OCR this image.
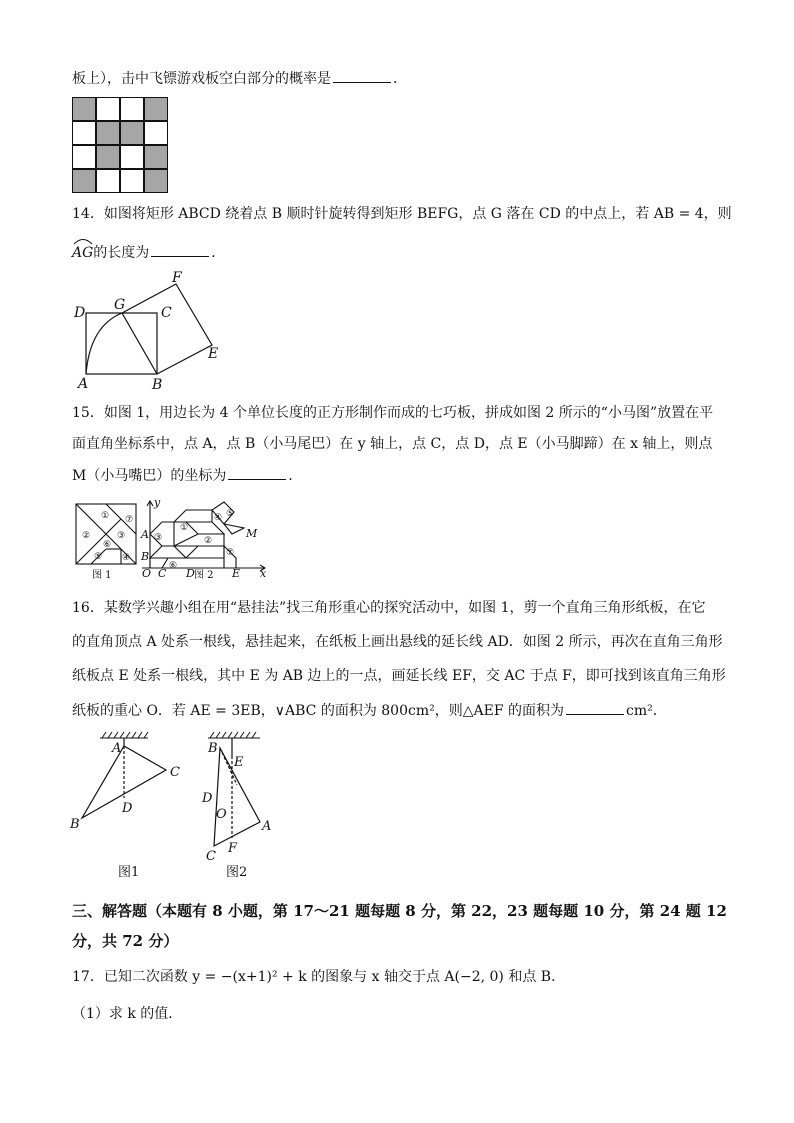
板上），击中飞镖游戏板空白部分的概率是	．
14．如图将矩形 ABCD 绕着点 B 顺时针旋转得到矩形 BEFG，点 G 落在 CD 的中点上，若 AB = 4，则
AG的长度为	．
D G	C
F
E
A	B
15．如图 1，用边长为 4 个单位长度的正方形制作而成的七巧板，拼成如图 2 所示的“小马图”放置在平
面直角坐标系中，点 A，点 B（小马尾巴）在 y 轴上，点 C，点 D，点 E（小马脚蹄）在 x 轴上，则点
M（小马嘴巴）的坐标为	．
①
②	③
④
⑤
⑥
⑦
图 1
①
②
③
④ ⑤
⑥
⑦
y
x
A
B
O C D	E
M
图 2
16．某数学兴趣小组在用“悬挂法”找三角形重心的探究活动中，如图 1，剪一个直角三角形纸板，在它
的直角顶点 A 处系一根线，悬挂起来，在纸板上画出悬线的延长线 AD．如图 2 所示，再次在直角三角形
纸板点 E 处系一根线，其中 E 为 AB 边上的一点，画延长线 EF，交 AC 于点 F，即可找到该直角三角形
纸板的重心 O．若 AE = 3EB，∨ABC 的面积为 800cm²，则△AEF 的面积为	cm²．
A
C
D
B
图1
B
E
D
O
A
F
C
图2
三、解答题（本题有 8 小题，第 17～21 题每题 8 分，第 22，23 题每题 10 分，第 24 题 12
分，共 72 分）
17．已知二次函数 y = −(x+1)² + k 的图象与 x 轴交于点 A(−2, 0) 和点 B．
（1）求 k 的值．
